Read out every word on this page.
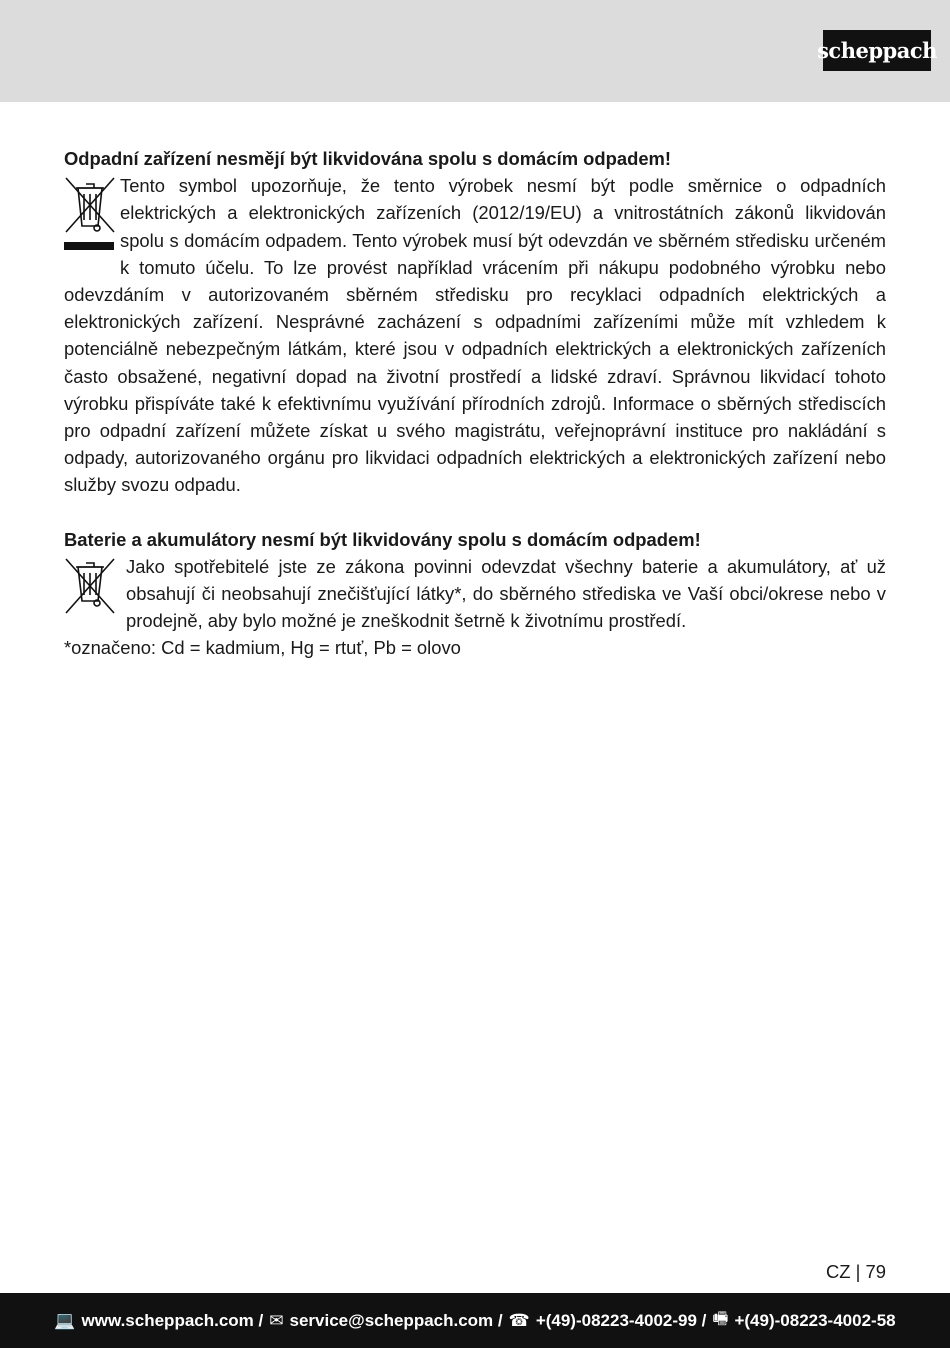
scheppach

Odpadní zařízení nesmějí být likvidována spolu s domácím odpadem!

Tento symbol upozorňuje, že tento výrobek nesmí být podle směrnice o odpadních elektrických a elektronických zařízeních (2012/19/EU) a vnitrostátních zákonů likvidován spolu s domácím odpadem. Tento výrobek musí být odevzdán ve sběrném středisku určeném k tomuto účelu. To lze provést například vrácením při nákupu podobného výrobku nebo odevzdáním v autorizovaném sběrném středisku pro recyklaci odpadních elektrických a elektronických zařízení. Nesprávné zacházení s odpadními zařízeními může mít vzhledem k potenciálně nebezpečným látkám, které jsou v odpadních elektrických a elektronických zařízeních často obsažené, negativní dopad na životní prostředí a lidské zdraví. Správnou likvidací tohoto výrobku přispíváte také k efektivnímu využívání přírodních zdrojů. Informace o sběrných střediscích pro odpadní zařízení můžete získat u svého magistrátu, veřejnoprávní instituce pro nakládání s odpady, autorizovaného orgánu pro likvidaci odpadních elektrických a elektronických zařízení nebo služby svozu odpadu.

Baterie a akumulátory nesmí být likvidovány spolu s domácím odpadem!

Jako spotřebitelé jste ze zákona povinni odevzdat všechny baterie a akumulátory, ať už obsahují či neobsahují znečišťující látky*, do sběrného střediska ve Vaší obci/okrese nebo v prodejně, aby bylo možné je zneškodnit šetrně k životnímu prostředí.

*označeno: Cd = kadmium, Hg = rtuť, Pb = olovo

CZ | 79
💻 www.scheppach.com / ✉ service@scheppach.com / ☎ +(49)-08223-4002-99 / 🖷 +(49)-08223-4002-58
